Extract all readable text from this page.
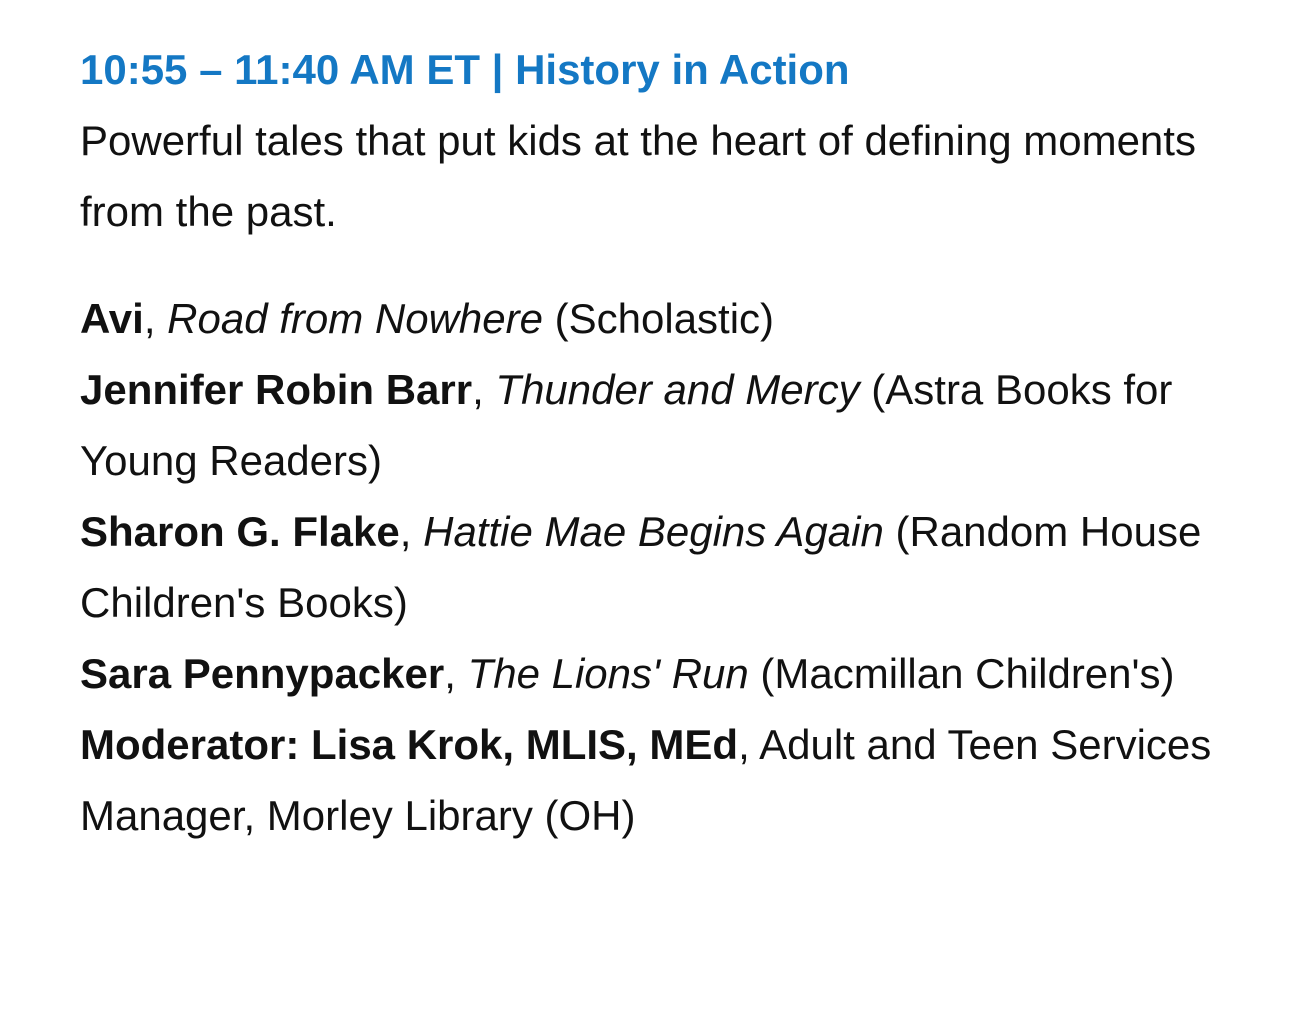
10:55 – 11:40 AM ET | History in Action

Powerful tales that put kids at the heart of defining moments from the past.

Avi, Road from Nowhere (Scholastic)

Jennifer Robin Barr, Thunder and Mercy (Astra Books for Young Readers)

Sharon G. Flake, Hattie Mae Begins Again (Random House Children's Books)

Sara Pennypacker, The Lions' Run (Macmillan Children's)

Moderator: Lisa Krok, MLIS, MEd, Adult and Teen Services Manager, Morley Library (OH)
